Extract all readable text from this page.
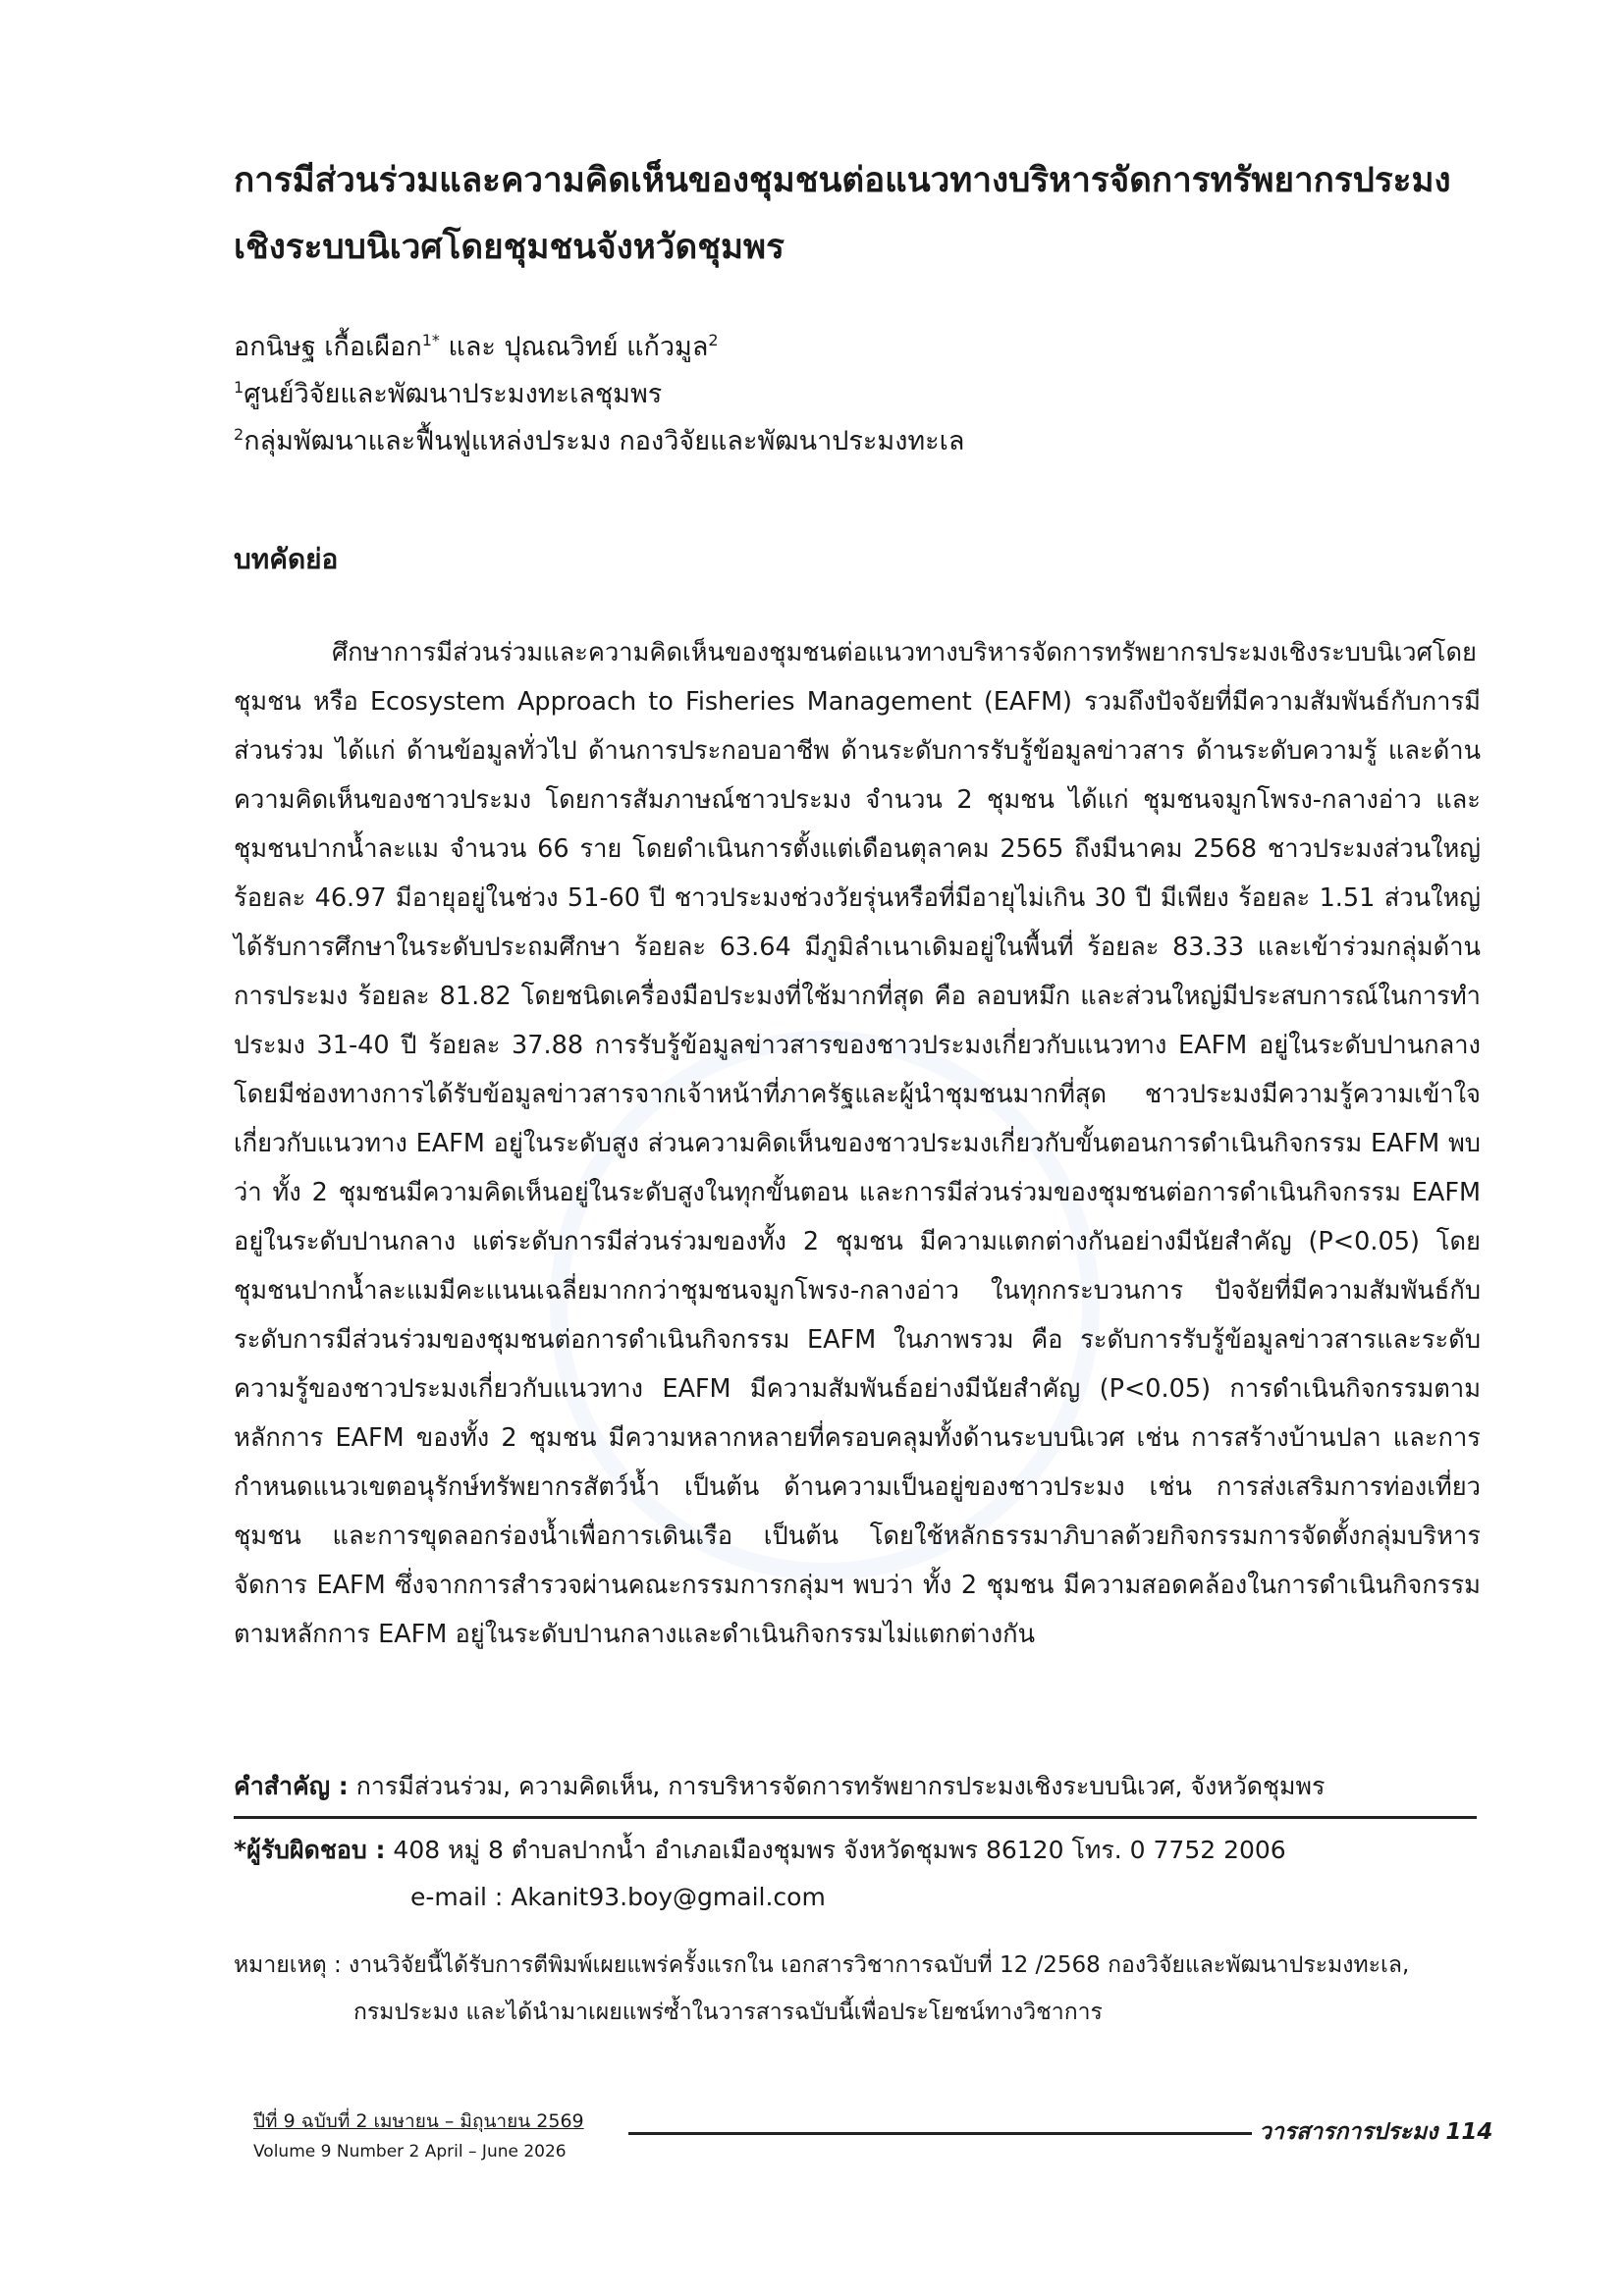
การมีส่วนร่วมและความคิดเห็นของชุมชนต่อแนวทางบริหารจัดการทรัพยากรประมง
เชิงระบบนิเวศโดยชุมชนจังหวัดชุมพร
อกนิษฐ เกื้อเผือก$^{1*}$ และ ปุณณวิทย์ แก้วมูล$^2$
$^1$ศูนย์วิจัยและพัฒนาประมงทะเลชุมพร
$^2$กลุ่มพัฒนาและฟื้นฟูแหล่งประมง กองวิจัยและพัฒนาประมงทะเล
บทคัดย่อ
ศึกษาการมีส่วนร่วมและความคิดเห็นของชุมชนต่อแนวทางบริหารจัดการทรัพยากรประมงเชิงระบบนิเวศโดยชุมชน หรือ Ecosystem Approach to Fisheries Management (EAFM) รวมถึงปัจจัยที่มีความสัมพันธ์กับการมีส่วนร่วม ได้แก่ ด้านข้อมูลทั่วไป ด้านการประกอบอาชีพ ด้านระดับการรับรู้ข้อมูลข่าวสาร ด้านระดับความรู้ และด้านความคิดเห็นของชาวประมง โดยการสัมภาษณ์ชาวประมง จำนวน 2 ชุมชน ได้แก่ ชุมชนจมูกโพรง-กลางอ่าว และชุมชนปากน้ำละแม จำนวน 66 ราย โดยดำเนินการตั้งแต่เดือนตุลาคม 2565 ถึงมีนาคม 2568 ชาวประมงส่วนใหญ่ ร้อยละ 46.97 มีอายุอยู่ในช่วง 51-60 ปี ชาวประมงช่วงวัยรุ่นหรือที่มีอายุไม่เกิน 30 ปี มีเพียง ร้อยละ 1.51 ส่วนใหญ่ได้รับการศึกษาในระดับประถมศึกษา ร้อยละ 63.64 มีภูมิลำเนาเดิมอยู่ในพื้นที่ ร้อยละ 83.33 และเข้าร่วมกลุ่มด้านการประมง ร้อยละ 81.82 โดยชนิดเครื่องมือประมงที่ใช้มากที่สุด คือ ลอบหมึก และส่วนใหญ่มีประสบการณ์ในการทำประมง 31-40 ปี ร้อยละ 37.88 การรับรู้ข้อมูลข่าวสารของชาวประมงเกี่ยวกับแนวทาง EAFM อยู่ในระดับปานกลาง โดยมีช่องทางการได้รับข้อมูลข่าวสารจากเจ้าหน้าที่ภาครัฐและผู้นำชุมชนมากที่สุด ชาวประมงมีความรู้ความเข้าใจเกี่ยวกับแนวทาง EAFM อยู่ในระดับสูง ส่วนความคิดเห็นของชาวประมงเกี่ยวกับขั้นตอนการดำเนินกิจกรรม EAFM พบว่า ทั้ง 2 ชุมชนมีความคิดเห็นอยู่ในระดับสูงในทุกขั้นตอน และการมีส่วนร่วมของชุมชนต่อการดำเนินกิจกรรม EAFM อยู่ในระดับปานกลาง แต่ระดับการมีส่วนร่วมของทั้ง 2 ชุมชน มีความแตกต่างกันอย่างมีนัยสำคัญ (P<0.05) โดยชุมชนปากน้ำละแมมีคะแนนเฉลี่ยมากกว่าชุมชนจมูกโพรง-กลางอ่าว ในทุกกระบวนการ ปัจจัยที่มีความสัมพันธ์กับระดับการมีส่วนร่วมของชุมชนต่อการดำเนินกิจกรรม EAFM ในภาพรวม คือ ระดับการรับรู้ข้อมูลข่าวสารและระดับความรู้ของชาวประมงเกี่ยวกับแนวทาง EAFM มีความสัมพันธ์อย่างมีนัยสำคัญ (P<0.05) การดำเนินกิจกรรมตามหลักการ EAFM ของทั้ง 2 ชุมชน มีความหลากหลายที่ครอบคลุมทั้งด้านระบบนิเวศ เช่น การสร้างบ้านปลา และการกำหนดแนวเขตอนุรักษ์ทรัพยากรสัตว์น้ำ เป็นต้น ด้านความเป็นอยู่ของชาวประมง เช่น การส่งเสริมการท่องเที่ยวชุมชน และการขุดลอกร่องน้ำเพื่อการเดินเรือ เป็นต้น โดยใช้หลักธรรมาภิบาลด้วยกิจกรรมการจัดตั้งกลุ่มบริหารจัดการ EAFM ซึ่งจากการสำรวจผ่านคณะกรรมการกลุ่มฯ พบว่า ทั้ง 2 ชุมชน มีความสอดคล้องในการดำเนินกิจกรรมตามหลักการ EAFM อยู่ในระดับปานกลางและดำเนินกิจกรรมไม่แตกต่างกัน
คำสำคัญ : การมีส่วนร่วม, ความคิดเห็น, การบริหารจัดการทรัพยากรประมงเชิงระบบนิเวศ, จังหวัดชุมพร
*ผู้รับผิดชอบ : 408 หมู่ 8 ตำบลปากน้ำ อำเภอเมืองชุมพร จังหวัดชุมพร 86120 โทร. 0 7752 2006
e-mail : Akanit93.boy@gmail.com
หมายเหตุ : งานวิจัยนี้ได้รับการตีพิมพ์เผยแพร่ครั้งแรกใน เอกสารวิชาการฉบับที่ 12 /2568 กองวิจัยและพัฒนาประมงทะเล,
กรมประมง และได้นำมาเผยแพร่ซ้ำในวารสารฉบับนี้เพื่อประโยชน์ทางวิชาการ
ปีที่ 9 ฉบับที่ 2 เมษายน – มิถุนายน 2569	วารสารการประมง 114
Volume 9 Number 2 April – June 2026
